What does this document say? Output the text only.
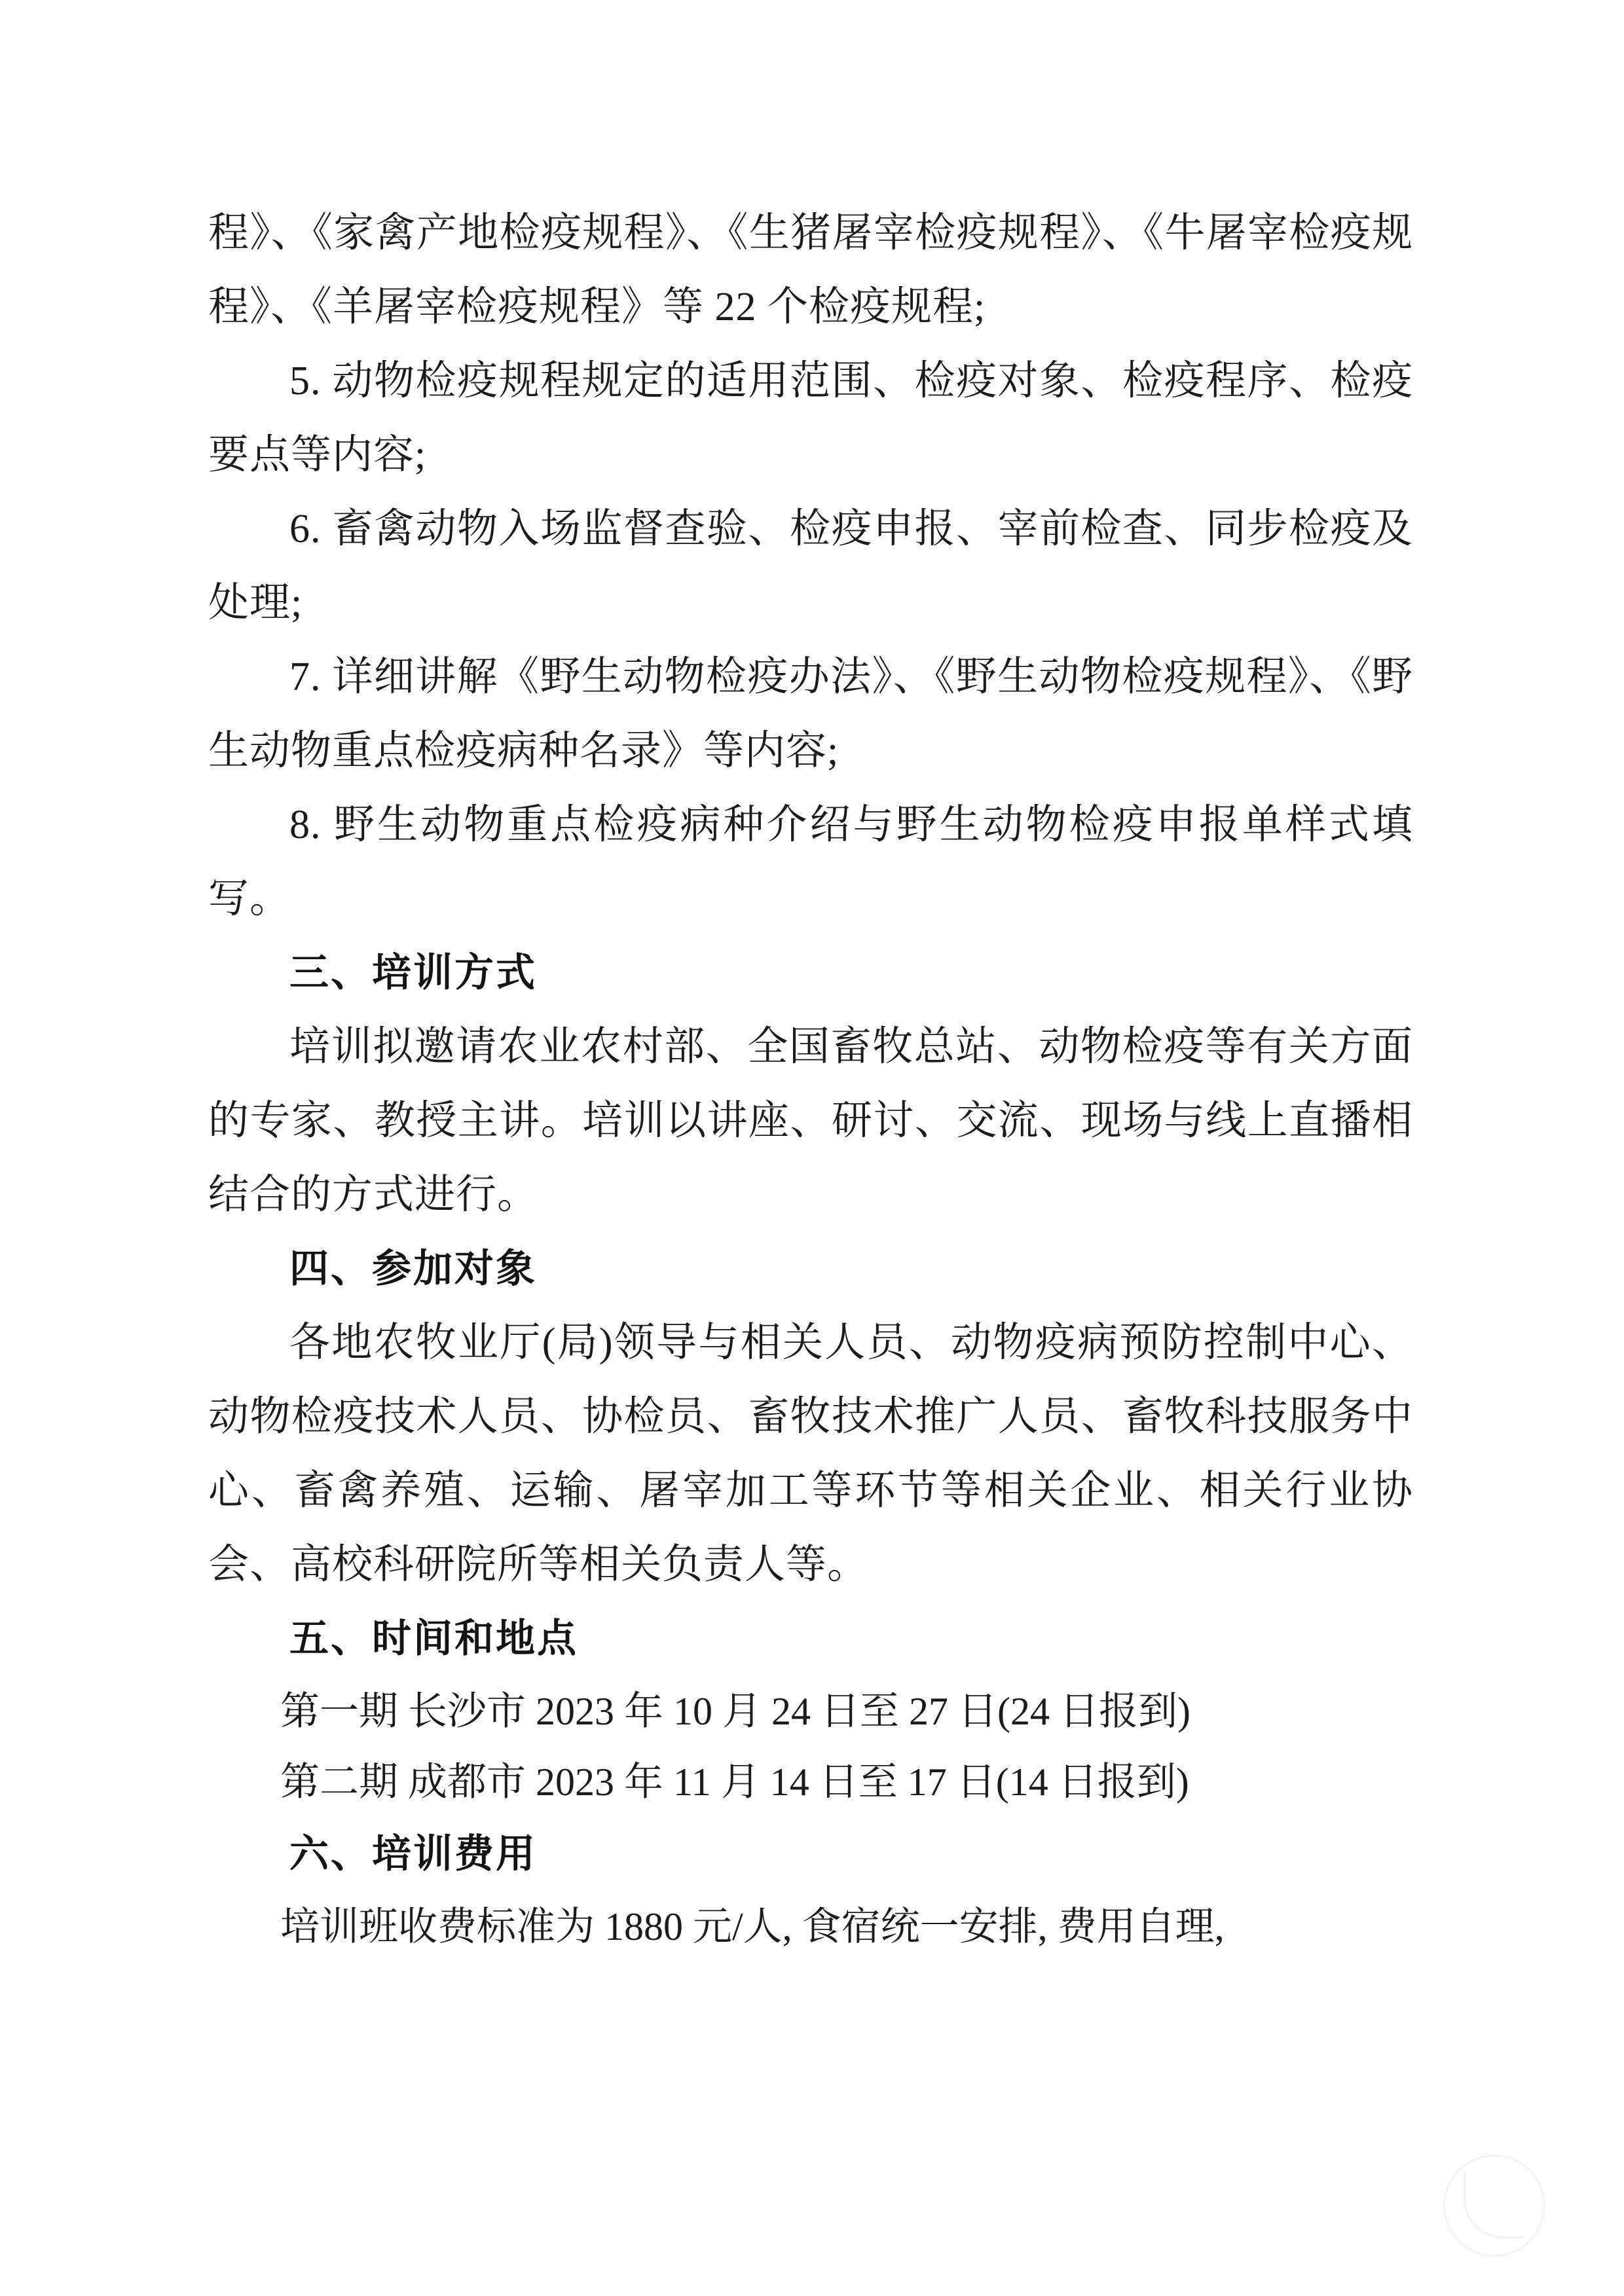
程》、《家禽产地检疫规程》、《生猪屠宰检疫规程》、《牛屠宰检疫规程》、《羊屠宰检疫规程》等 22 个检疫规程;

5. 动物检疫规程规定的适用范围、检疫对象、检疫程序、检疫要点等内容;

6. 畜禽动物入场监督查验、检疫申报、宰前检查、同步检疫及处理;

7. 详细讲解《野生动物检疫办法》、《野生动物检疫规程》、《野生动物重点检疫病种名录》等内容;

8. 野生动物重点检疫病种介绍与野生动物检疫申报单样式填写。

三、培训方式

培训拟邀请农业农村部、全国畜牧总站、动物检疫等有关方面的专家、教授主讲。培训以讲座、研讨、交流、现场与线上直播相结合的方式进行。

四、参加对象

各地农牧业厅(局)领导与相关人员、动物疫病预防控制中心、动物检疫技术人员、协检员、畜牧技术推广人员、畜牧科技服务中心、畜禽养殖、运输、屠宰加工等环节等相关企业、相关行业协会、高校科研院所等相关负责人等。

五、时间和地点

第一期 长沙市 2023 年 10 月 24 日至 27 日(24 日报到)

第二期 成都市 2023 年 11 月 14 日至 17 日(14 日报到)

六、培训费用

培训班收费标准为 1880 元/人, 食宿统一安排, 费用自理,
